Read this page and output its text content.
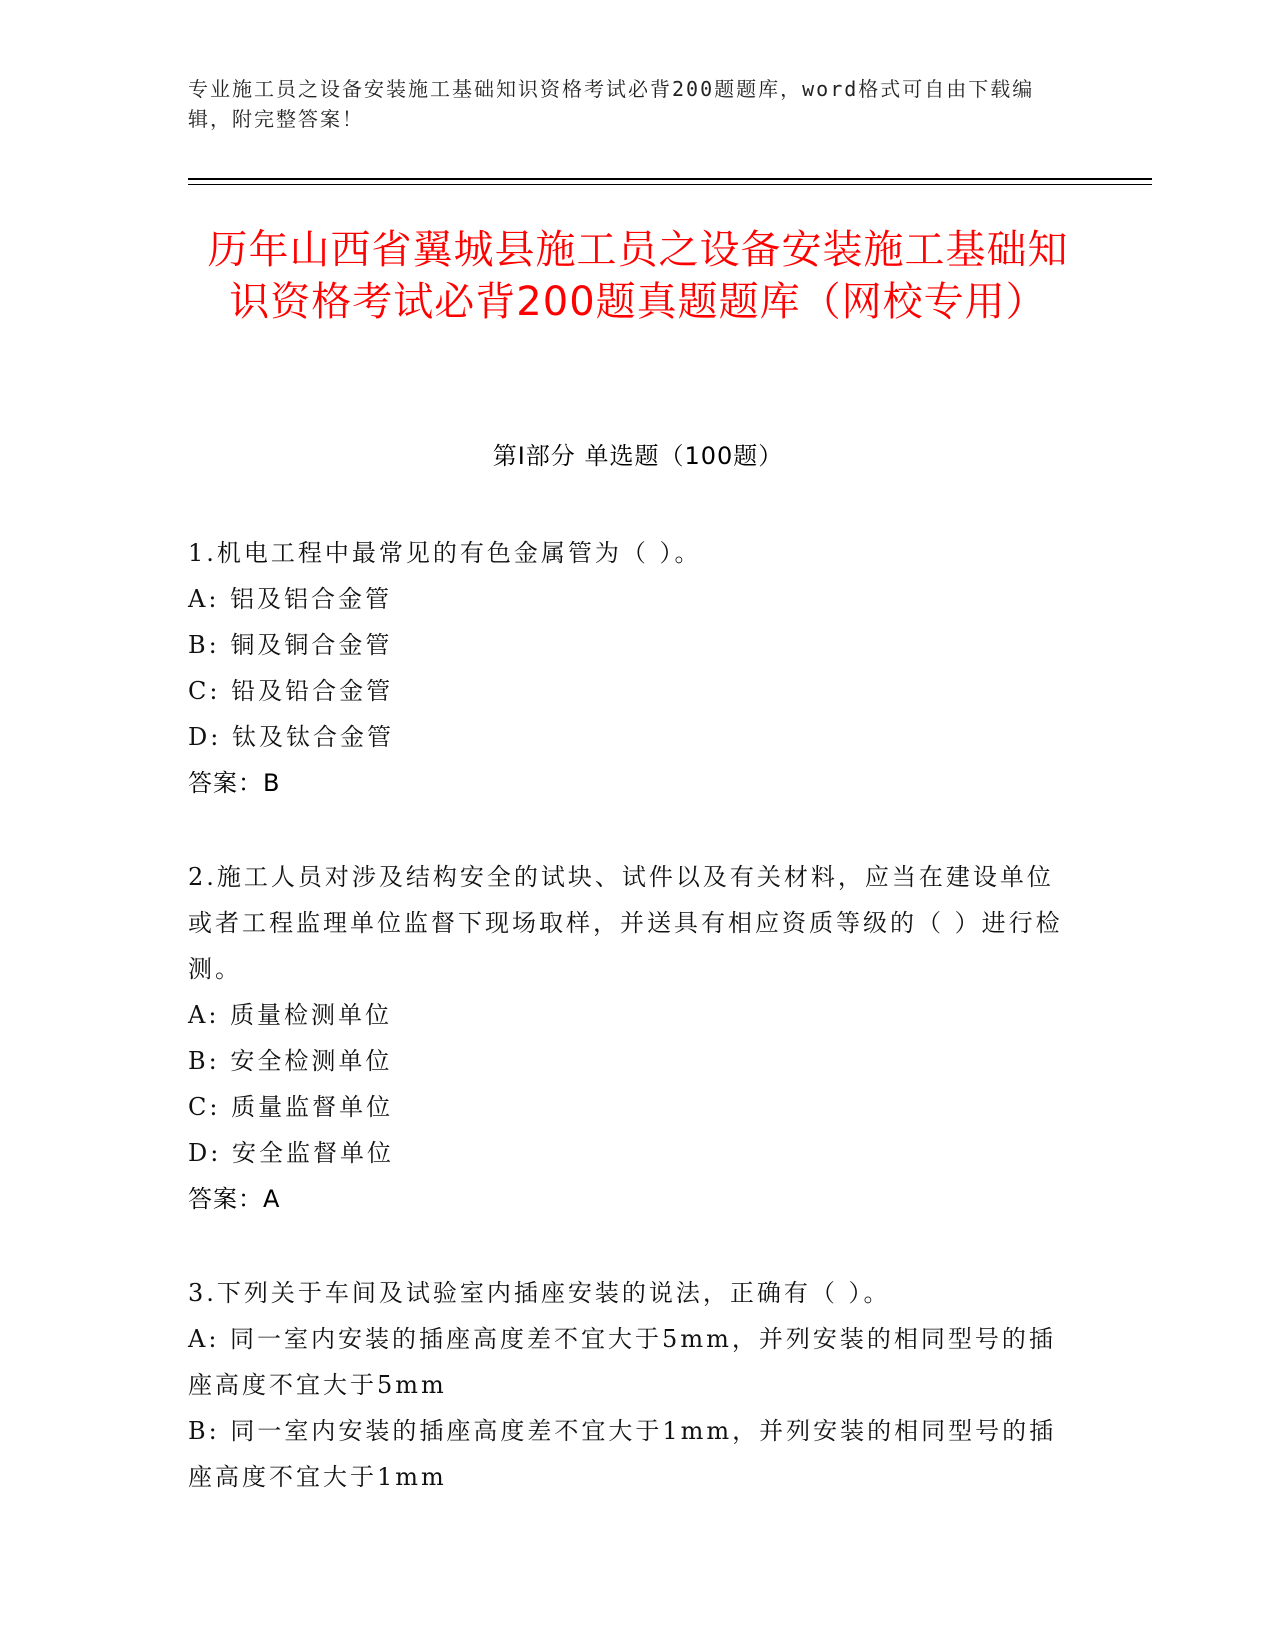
专业施工员之设备安装施工基础知识资格考试必背200题题库，word格式可自由下载编辑，附完整答案！
历年山西省翼城县施工员之设备安装施工基础知识资格考试必背200题真题题库（网校专用）
第Ⅰ部分 单选题（100题）

1.机电工程中最常见的有色金属管为（ ）。

A: 铝及铝合金管

B: 铜及铜合金管

C: 铅及铅合金管

D: 钛及钛合金管

答案：B

2.施工人员对涉及结构安全的试块、试件以及有关材料，应当在建设单位或者工程监理单位监督下现场取样，并送具有相应资质等级的（ ）进行检测。

A: 质量检测单位

B: 安全检测单位

C: 质量监督单位

D: 安全监督单位

答案：A

3.下列关于车间及试验室内插座安装的说法，正确有（ ）。

A: 同一室内安装的插座高度差不宜大于5mm，并列安装的相同型号的插座高度不宜大于5mm

B: 同一室内安装的插座高度差不宜大于1mm，并列安装的相同型号的插座高度不宜大于1mm
